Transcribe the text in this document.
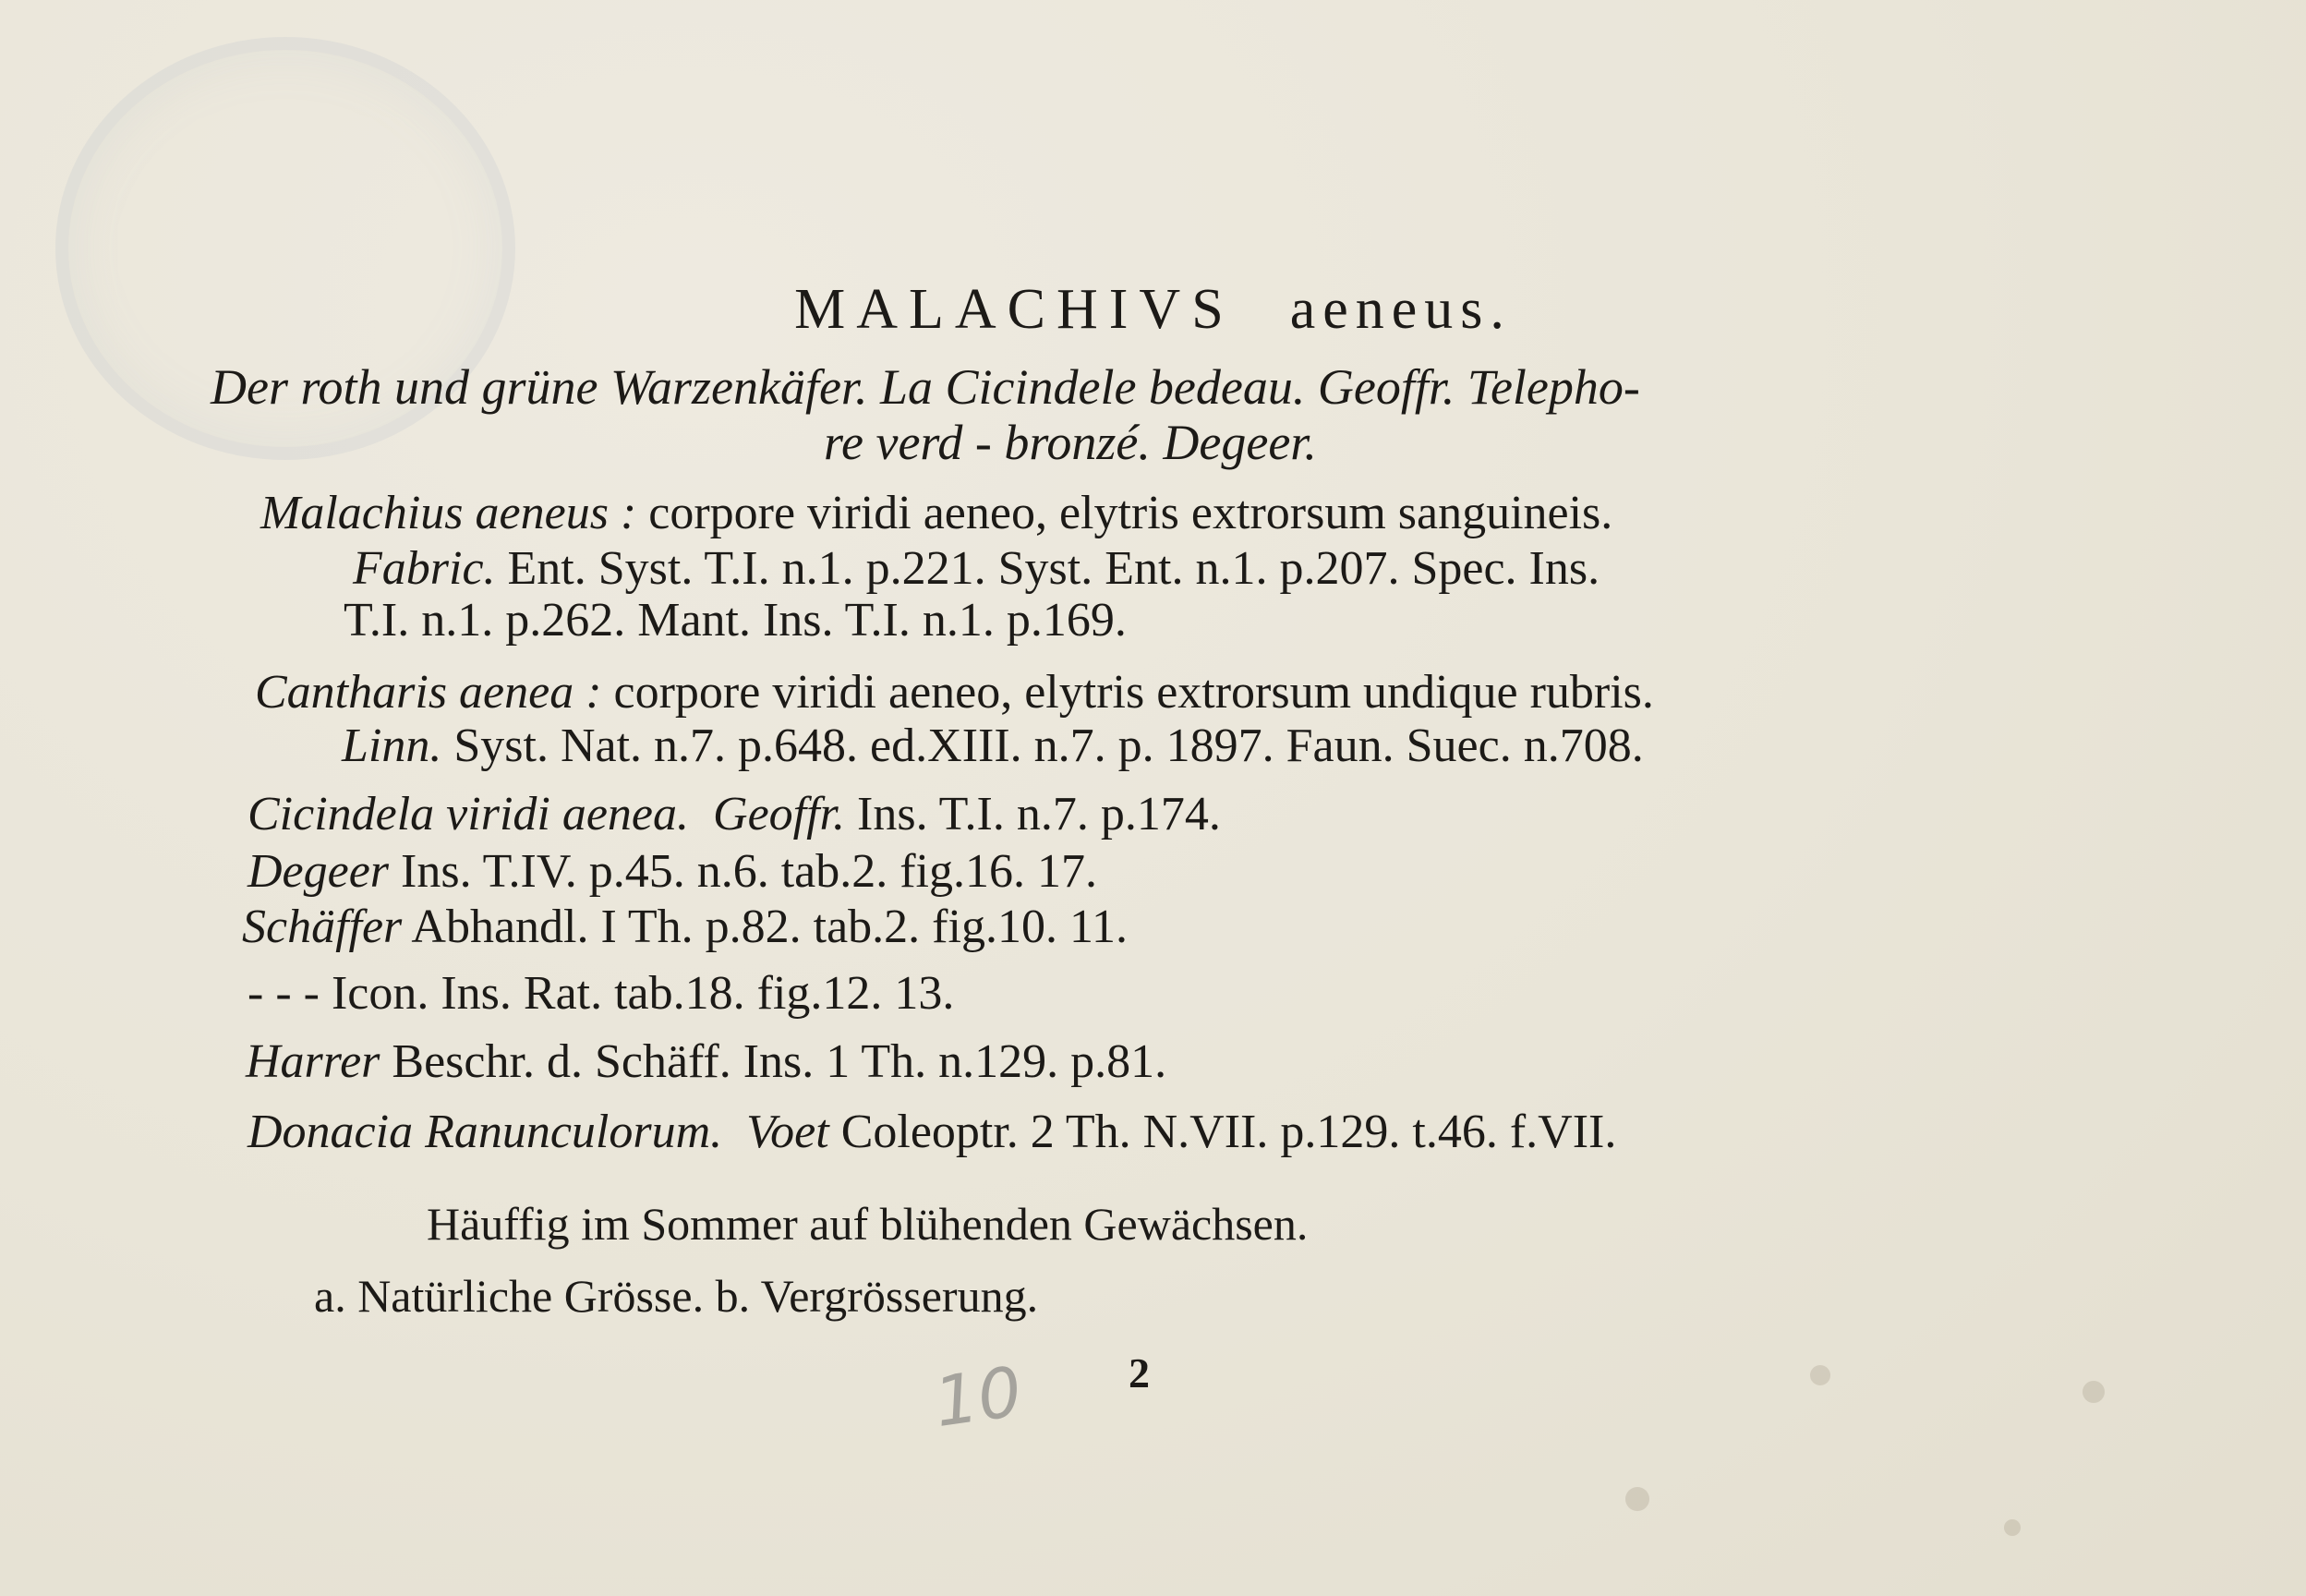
MALACHIVS aeneus.
Der roth und grüne Warzenkäfer. La Cicindele bedeau. Geoffr. Telepho-
re verd - bronzé. Degeer.
Malachius aeneus : corpore viridi aeneo, elytris extrorsum sanguineis.
Fabric. Ent. Syst. T.I. n.1. p.221. Syst. Ent. n.1. p.207. Spec. Ins.
T.I. n.1. p.262. Mant. Ins. T.I. n.1. p.169.
Cantharis aenea : corpore viridi aeneo, elytris extrorsum undique rubris.
Linn. Syst. Nat. n.7. p.648. ed.XIII. n.7. p. 1897. Faun. Suec. n.708.
Cicindela viridi aenea. Geoffr. Ins. T.I. n.7. p.174.
Degeer Ins. T.IV. p.45. n.6. tab.2. fig.16. 17.
Schäffer Abhandl. I Th. p.82. tab.2. fig.10. 11.
- - - Icon. Ins. Rat. tab.18. fig.12. 13.
Harrer Beschr. d. Schäff. Ins. 1 Th. n.129. p.81.
Donacia Ranunculorum. Voet Coleoptr. 2 Th. N.VII. p.129. t.46. f.VII.
Häuffig im Sommer auf blühenden Gewächsen.
a. Natürliche Grösse. b. Vergrösserung.
10 2
